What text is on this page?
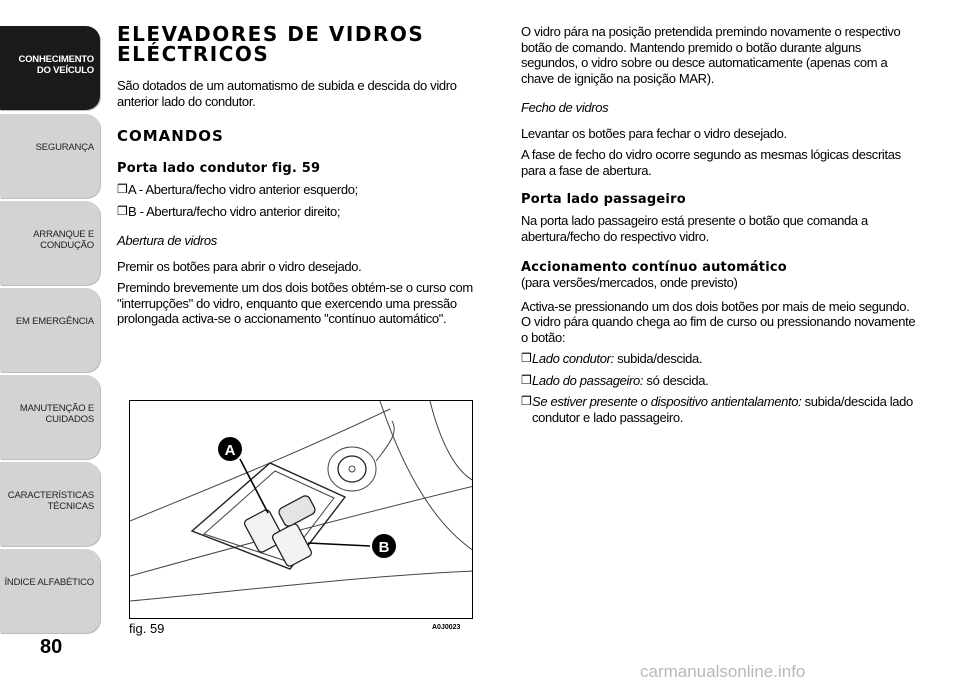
CONHECIMENTO
DO VEÍCULO
SEGURANÇA
ARRANQUE E
CONDUÇÃO
EM EMERGÊNCIA
MANUTENÇÃO E
CUIDADOS
CARACTERÍSTICAS
TÉCNICAS
ÍNDICE ALFABÉTICO
80
ELEVADORES DE VIDROS
ELÉCTRICOS
São dotados de um automatismo de subida e descida do vidro anterior lado do condutor.
COMANDOS
Porta lado condutor fig. 59
❒ A - Abertura/fecho vidro anterior esquerdo;
❒ B - Abertura/fecho vidro anterior direito;
Abertura de vidros
Premir os botões para abrir o vidro desejado.
Premindo brevemente um dos dois botões obtém-se o curso com "interrupções" do vidro, enquanto que exercendo uma pressão prolongada activa-se o accionamento "contínuo automático".
A
B
fig. 59	A0J0023
O vidro pára na posição pretendida premindo novamente o respectivo botão de comando. Mantendo premido o botão durante alguns segundos, o vidro sobre ou desce automaticamente (apenas com a chave de ignição na posição MAR).
Fecho de vidros
Levantar os botões para fechar o vidro desejado.
A fase de fecho do vidro ocorre segundo as mesmas lógicas descritas para a fase de abertura.
Porta lado passageiro
Na porta lado passageiro está presente o botão que comanda a abertura/fecho do respectivo vidro.
Accionamento contínuo automático
(para versões/mercados, onde previsto)
Activa-se pressionando um dos dois botões por mais de meio segundo. O vidro pára quando chega ao fim de curso ou pressionando novamente o botão:
❒ Lado condutor: subida/descida.
❒ Lado do passageiro: só descida.
❒ Se estiver presente o dispositivo antientalamento: subida/descida lado condutor e lado passageiro.
carmanualsonline.info
